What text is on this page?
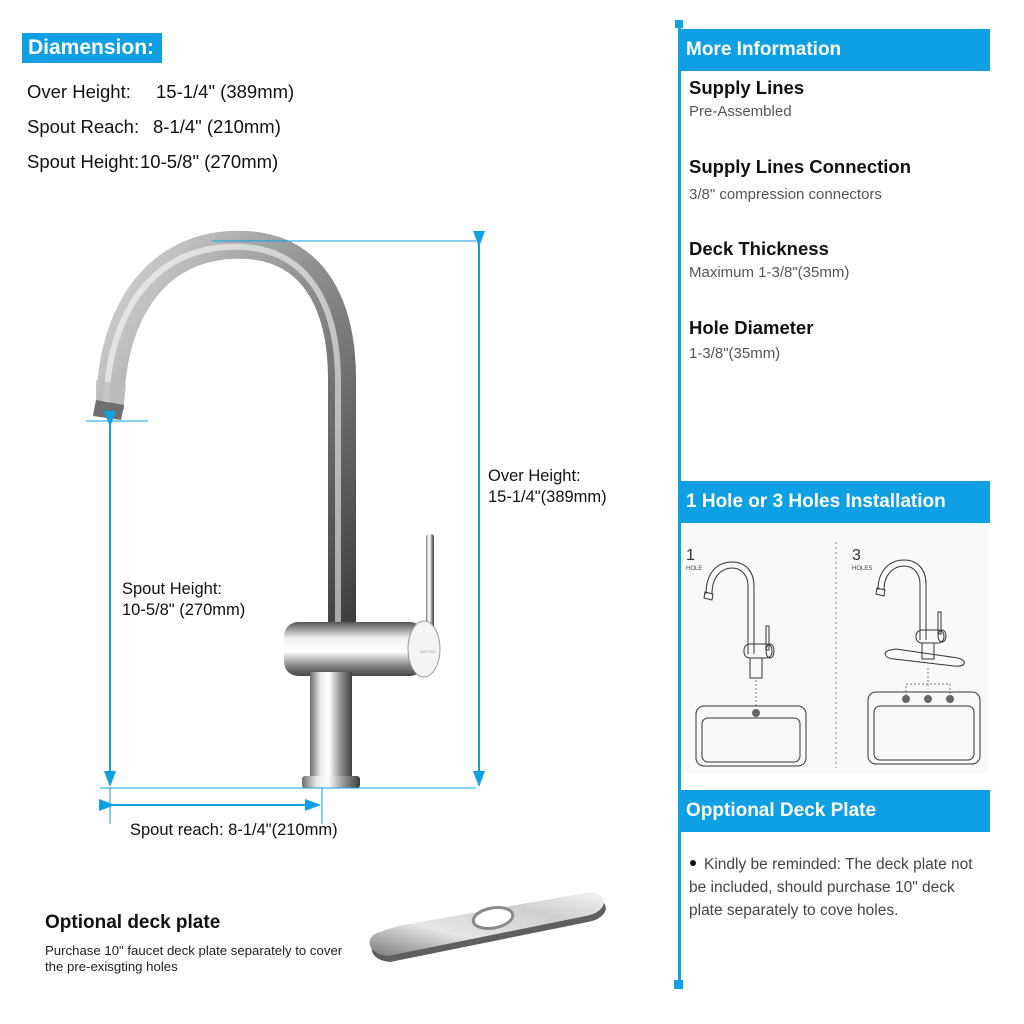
Diamension:
Over Height: 15-1/4" (389mm)
Spout Reach: 8-1/4" (210mm)
Spout Height:10-5/8" (270mm)
WAYTOS
Over Height:
15-1/4"(389mm)
Spout Height:
10-5/8" (270mm)
Spout reach: 8-1/4"(210mm)
Optional deck plate
Purchase 10" faucet deck plate separately to cover the pre-exisgting holes
More Information
Supply Lines
Pre-Assembled
Supply Lines Connection
3/8" compression connectors
Deck Thickness
Maximum 1-3/8"(35mm)
Hole Diameter
1-3/8"(35mm)
1 Hole or 3 Holes Installation
1
HOLE
3
HOLES
Opptional Deck Plate
Kindly be reminded: The deck plate not be included, should purchase 10" deck plate separately to cove holes.
